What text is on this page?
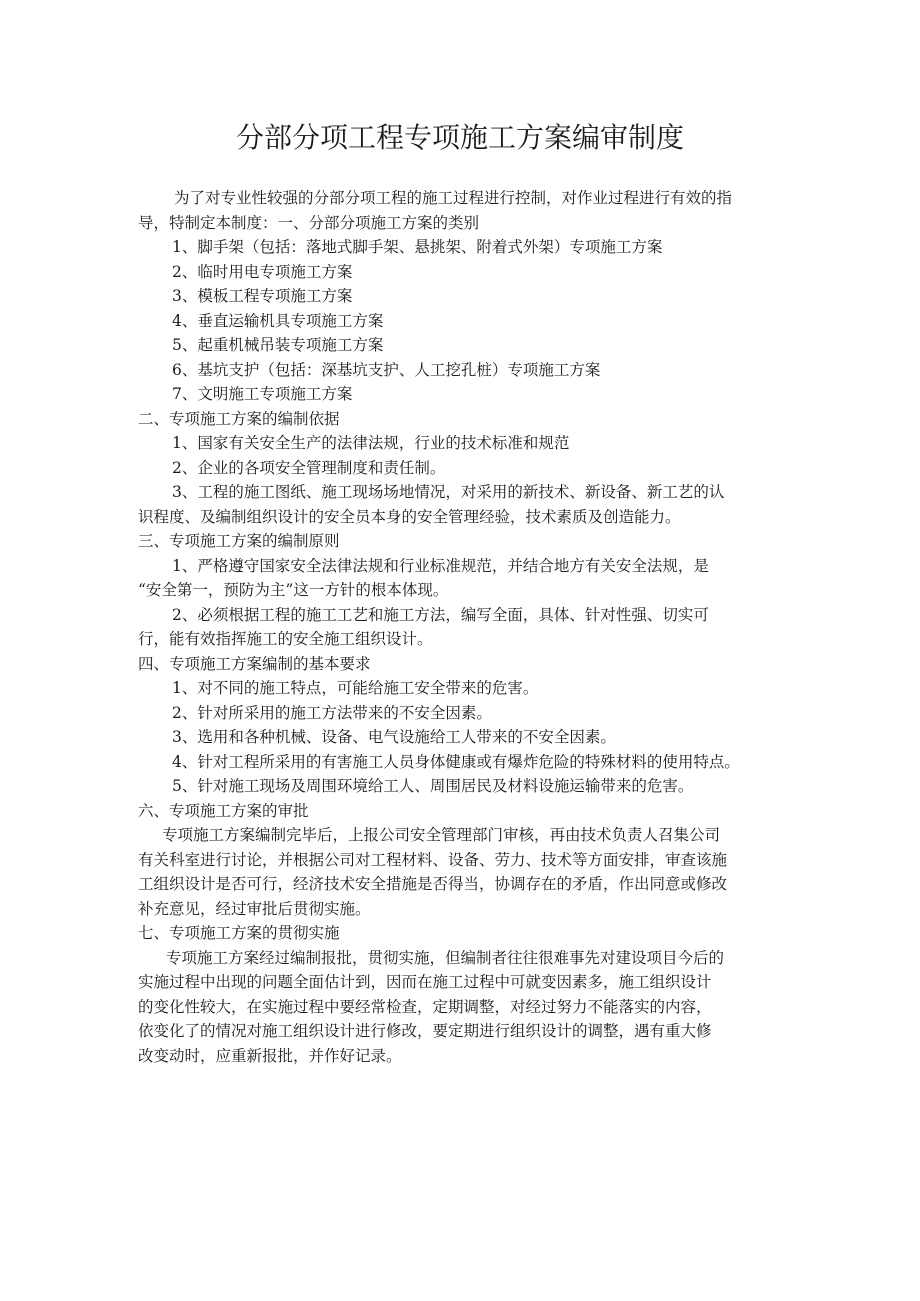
分部分项工程专项施工方案编审制度
为了对专业性较强的分部分项工程的施工过程进行控制，对作业过程进行有效的指
导，特制定本制度：一、分部分项施工方案的类别
1、脚手架（包括：落地式脚手架、悬挑架、附着式外架）专项施工方案
2、临时用电专项施工方案
3、模板工程专项施工方案
4、垂直运输机具专项施工方案
5、起重机械吊装专项施工方案
6、基坑支护（包括：深基坑支护、人工挖孔桩）专项施工方案
7、文明施工专项施工方案
二、专项施工方案的编制依据
1、国家有关安全生产的法律法规，行业的技术标准和规范
2、企业的各项安全管理制度和责任制。
3、工程的施工图纸、施工现场场地情况，对采用的新技术、新设备、新工艺的认
识程度、及编制组织设计的安全员本身的安全管理经验，技术素质及创造能力。
三、专项施工方案的编制原则
1、严格遵守国家安全法律法规和行业标准规范，并结合地方有关安全法规，是
“安全第一，预防为主”这一方针的根本体现。
2、必须根据工程的施工工艺和施工方法，编写全面，具体、针对性强、切实可
行，能有效指挥施工的安全施工组织设计。
四、专项施工方案编制的基本要求
1、对不同的施工特点，可能给施工安全带来的危害。
2、针对所采用的施工方法带来的不安全因素。
3、选用和各种机械、设备、电气设施给工人带来的不安全因素。
4、针对工程所采用的有害施工人员身体健康或有爆炸危险的特殊材料的使用特点。
5、针对施工现场及周围环境给工人、周围居民及材料设施运输带来的危害。
六、专项施工方案的审批
专项施工方案编制完毕后，上报公司安全管理部门审核，再由技术负责人召集公司
有关科室进行讨论，并根据公司对工程材料、设备、劳力、技术等方面安排，审查该施
工组织设计是否可行，经济技术安全措施是否得当，协调存在的矛盾，作出同意或修改
补充意见，经过审批后贯彻实施。
七、专项施工方案的贯彻实施
专项施工方案经过编制报批，贯彻实施，但编制者往往很难事先对建设项目今后的
实施过程中出现的问题全面估计到，因而在施工过程中可就变因素多，施工组织设计
的变化性较大，在实施过程中要经常检查，定期调整，对经过努力不能落实的内容，
依变化了的情况对施工组织设计进行修改，要定期进行组织设计的调整，遇有重大修
改变动时，应重新报批，并作好记录。
